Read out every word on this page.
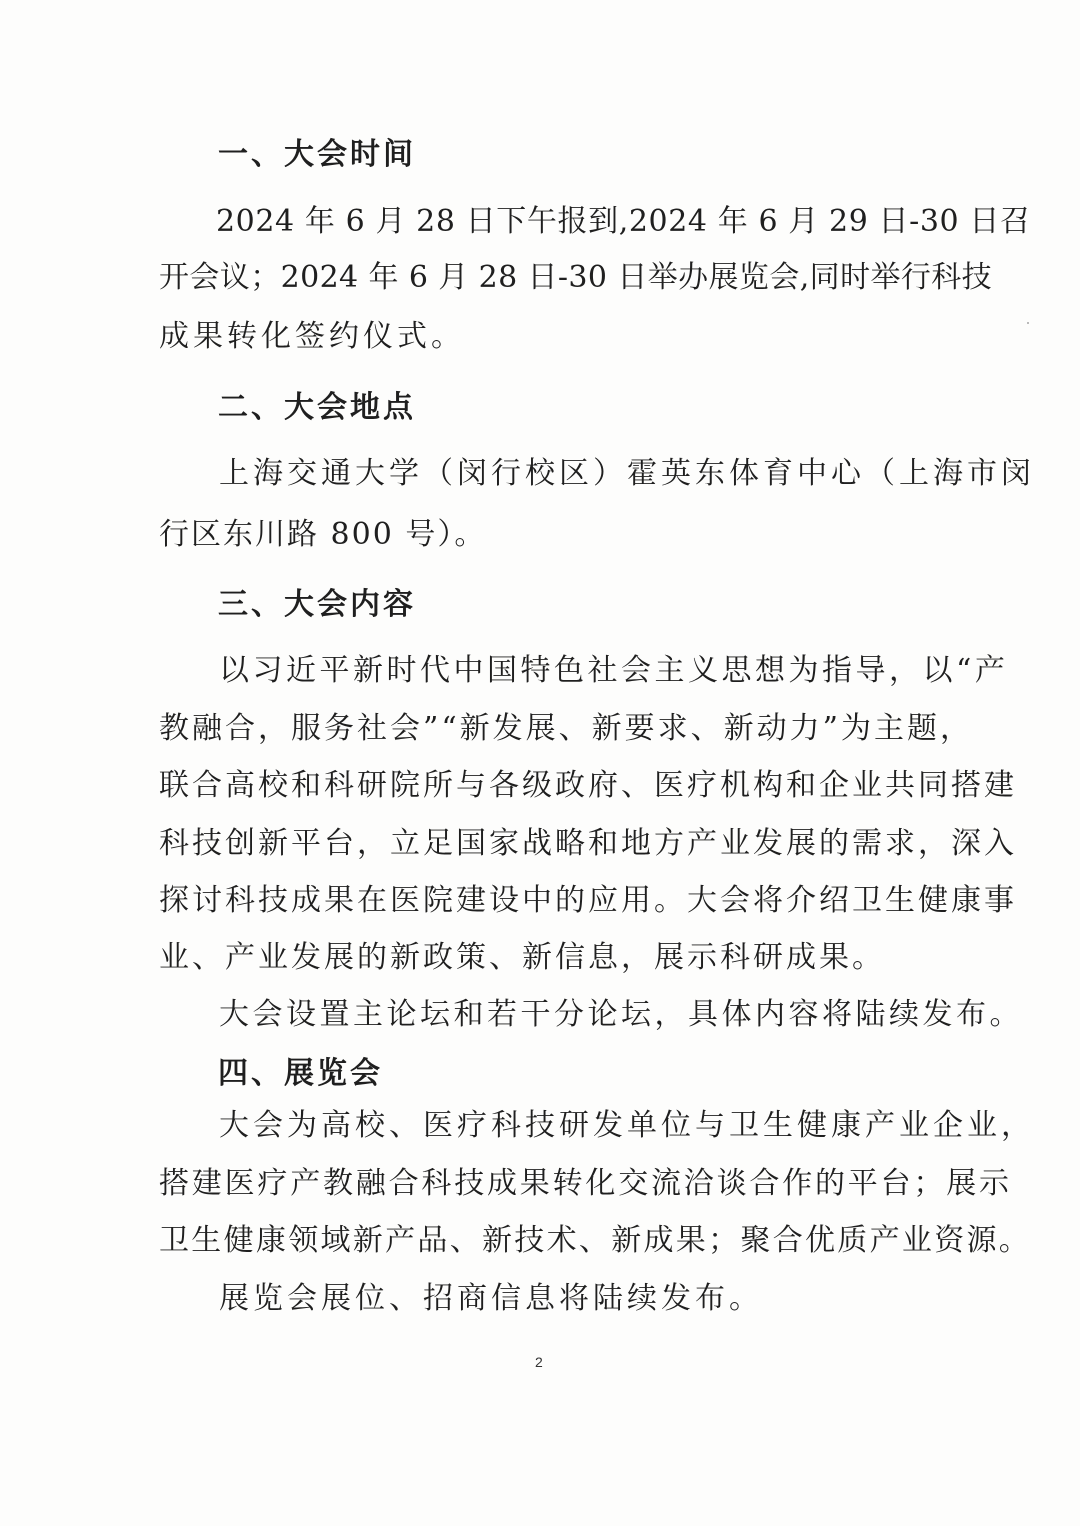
一、大会时间
2024 年 6 月 28 日下午报到,2024 年 6 月 29 日-30 日召
开会议；2024 年 6 月 28 日-30 日举办展览会,同时举行科技
成果转化签约仪式。
二、大会地点
上海交通大学（闵行校区）霍英东体育中心（上海市闵
行区东川路 800 号）。
三、大会内容
以习近平新时代中国特色社会主义思想为指导，以“产
教融合，服务社会”“新发展、新要求、新动力”为主题，
联合高校和科研院所与各级政府、医疗机构和企业共同搭建
科技创新平台，立足国家战略和地方产业发展的需求，深入
探讨科技成果在医院建设中的应用。大会将介绍卫生健康事
业、产业发展的新政策、新信息，展示科研成果。
大会设置主论坛和若干分论坛，具体内容将陆续发布。
四、展览会
大会为高校、医疗科技研发单位与卫生健康产业企业，
搭建医疗产教融合科技成果转化交流洽谈合作的平台；展示
卫生健康领域新产品、新技术、新成果；聚合优质产业资源。
展览会展位、招商信息将陆续发布。
2
